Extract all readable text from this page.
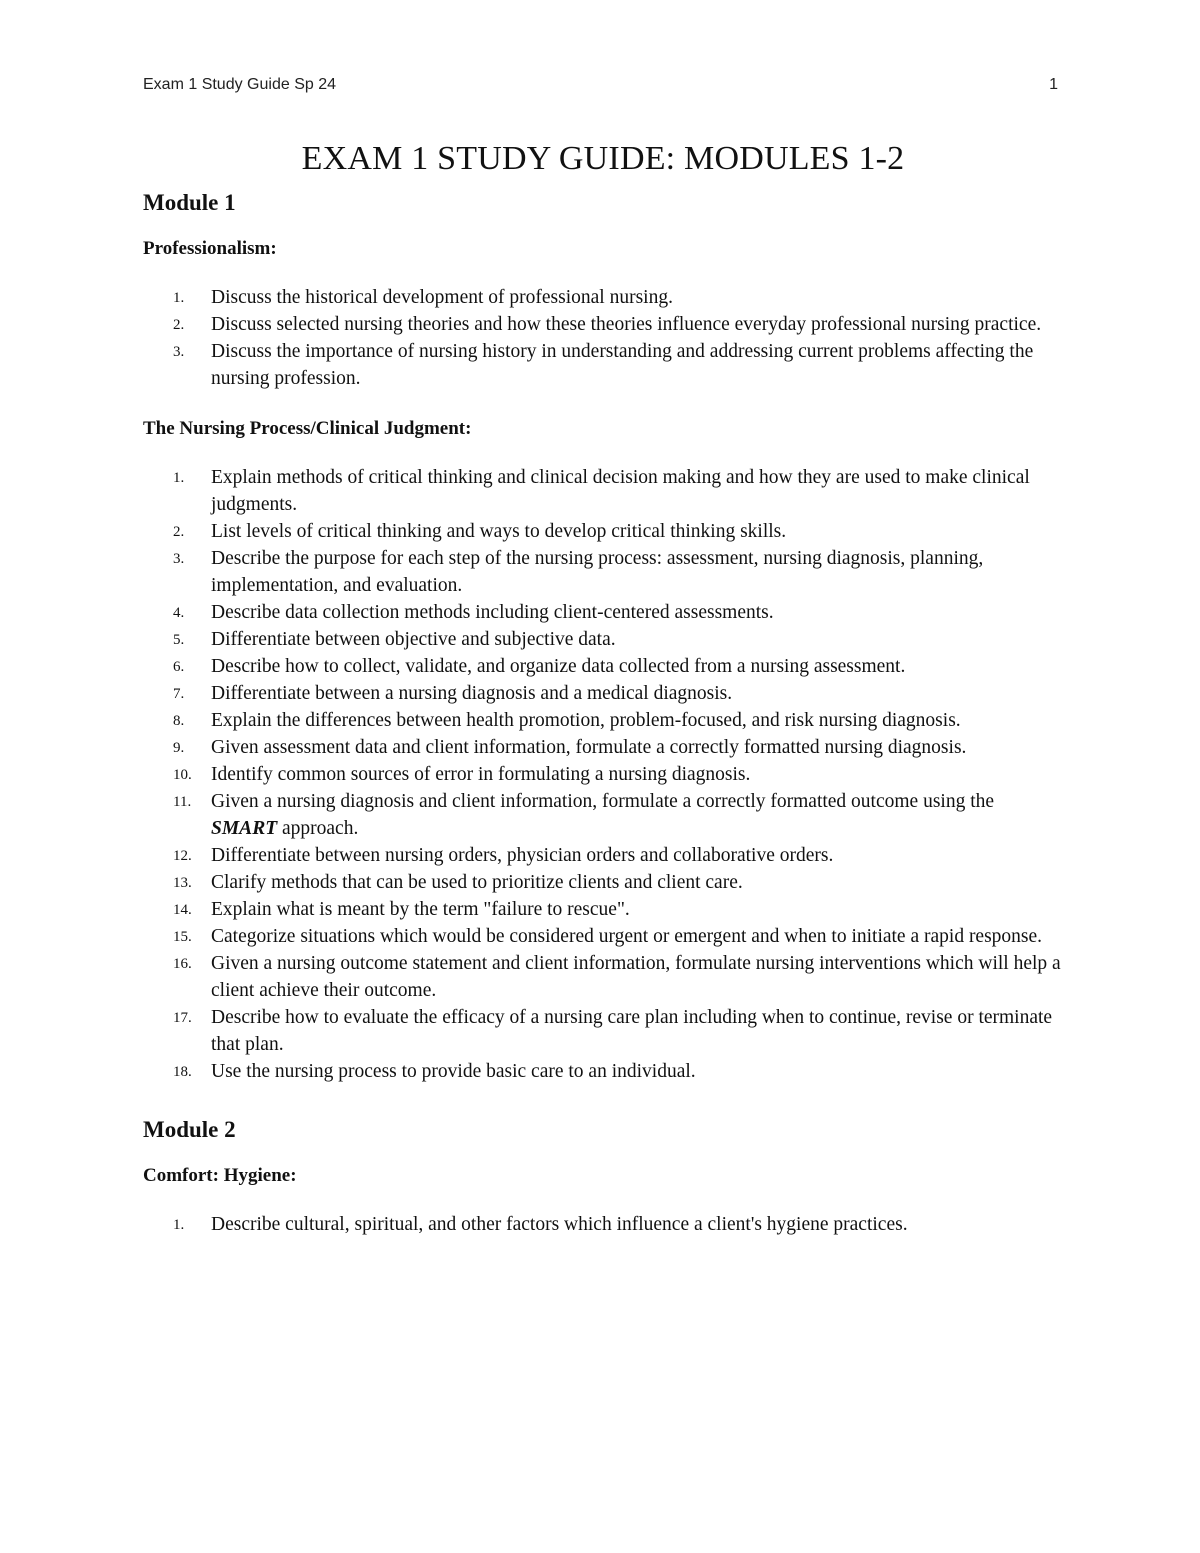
Exam 1 Study Guide Sp 24	1
EXAM 1 STUDY GUIDE: MODULES 1-2
Module 1
Professionalism:
1. Discuss the historical development of professional nursing.
2. Discuss selected nursing theories and how these theories influence everyday professional nursing practice.
3. Discuss the importance of nursing history in understanding and addressing current problems affecting the nursing profession.
The Nursing Process/Clinical Judgment:
1. Explain methods of critical thinking and clinical decision making and how they are used to make clinical judgments.
2. List levels of critical thinking and ways to develop critical thinking skills.
3. Describe the purpose for each step of the nursing process: assessment, nursing diagnosis, planning, implementation, and evaluation.
4. Describe data collection methods including client-centered assessments.
5. Differentiate between objective and subjective data.
6. Describe how to collect, validate, and organize data collected from a nursing assessment.
7. Differentiate between a nursing diagnosis and a medical diagnosis.
8. Explain the differences between health promotion, problem-focused, and risk nursing diagnosis.
9. Given assessment data and client information, formulate a correctly formatted nursing diagnosis.
10. Identify common sources of error in formulating a nursing diagnosis.
11. Given a nursing diagnosis and client information, formulate a correctly formatted outcome using the SMART approach.
12. Differentiate between nursing orders, physician orders and collaborative orders.
13. Clarify methods that can be used to prioritize clients and client care.
14. Explain what is meant by the term "failure to rescue".
15. Categorize situations which would be considered urgent or emergent and when to initiate a rapid response.
16. Given a nursing outcome statement and client information, formulate nursing interventions which will help a client achieve their outcome.
17. Describe how to evaluate the efficacy of a nursing care plan including when to continue, revise or terminate that plan.
18. Use the nursing process to provide basic care to an individual.
Module 2
Comfort: Hygiene:
1. Describe cultural, spiritual, and other factors which influence a client's hygiene practices.
